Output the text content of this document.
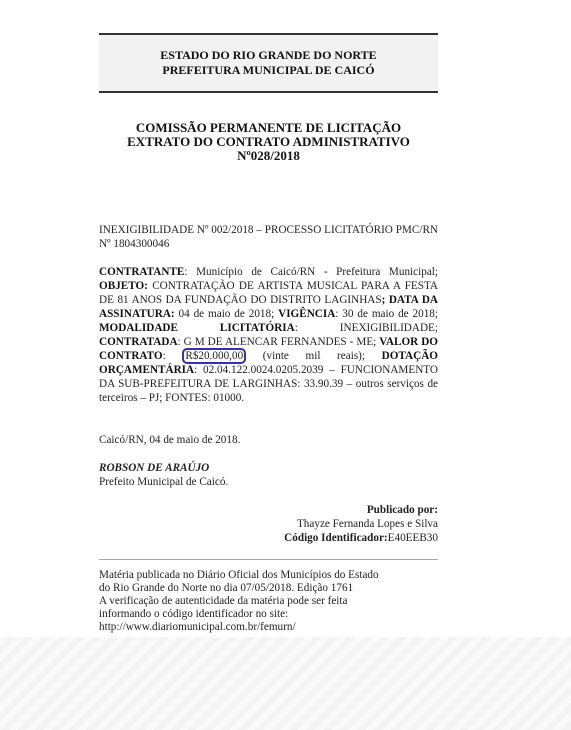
ESTADO DO RIO GRANDE DO NORTE
PREFEITURA MUNICIPAL DE CAICÓ
COMISSÃO PERMANENTE DE LICITAÇÃO
EXTRATO DO CONTRATO ADMINISTRATIVO
Nº028/2018
INEXIGIBILIDADE Nº 002/2018 – PROCESSO LICITATÓRIO PMC/RN Nº 1804300046
CONTRATANTE: Município de Caicó/RN - Prefeitura Municipal; OBJETO: CONTRATAÇÃO DE ARTISTA MUSICAL PARA A FESTA DE 81 ANOS DA FUNDAÇÃO DO DISTRITO LAGINHAS; DATA DA ASSINATURA: 04 de maio de 2018; VIGÊNCIA: 30 de maio de 2018; MODALIDADE LICITATÓRIA: INEXIGIBILIDADE; CONTRATADA: G M DE ALENCAR FERNANDES - ME; VALOR DO CONTRATO: R$20.000,00 (vinte mil reais); DOTAÇÃO ORÇAMENTÁRIA: 02.04.122.0024.0205.2039 – FUNCIONAMENTO DA SUB-PREFEITURA DE LARGINHAS: 33.90.39 – outros serviços de terceiros – PJ; FONTES: 01000.
Caicó/RN, 04 de maio de 2018.
ROBSON DE ARAÚJO
Prefeito Municipal de Caicó.
Publicado por:
Thayze Fernanda Lopes e Silva
Código Identificador:E40EEB30
Matéria publicada no Diário Oficial dos Municípios do Estado
do Rio Grande do Norte no dia 07/05/2018. Edição 1761
A verificação de autenticidade da matéria pode ser feita
informando o código identificador no site:
http://www.diariomunicipal.com.br/femurn/
